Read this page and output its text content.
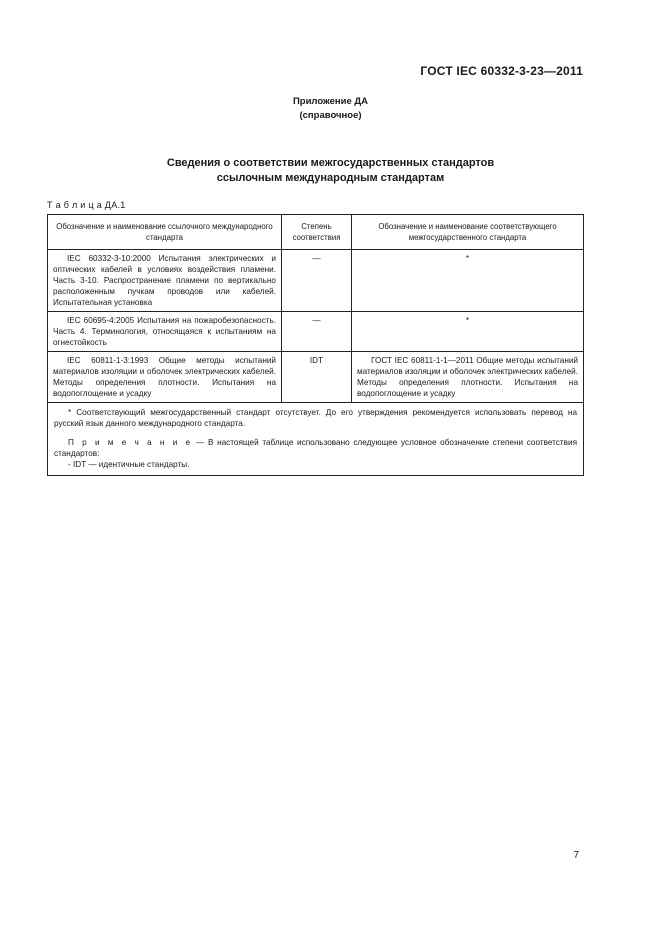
ГОСТ IEC 60332-3-23—2011
Приложение ДА
(справочное)
Сведения о соответствии межгосударственных стандартов
ссылочным международным стандартам
Т а б л и ц а ДА.1
Обозначение и наименование ссылочного международного стандарта	Степень соответствия	Обозначение и наименование соответствующего межгосударственного стандарта
IEC 60332-3-10:2000 Испытания электрических и оптических кабелей в условиях воздействия пламени. Часть 3-10. Распространение пламени по вертикально расположенным пучкам проводов или кабелей. Испытательная установка	—	*
IEC 60695-4:2005 Испытания на пожаробезопасность. Часть 4. Терминология, относящаяся к испытаниям на огнестойкость	—	*
IEC 60811-1-3:1993 Общие методы испытаний материалов изоляции и оболочек электрических кабелей. Методы определения плотности. Испытания на водопоглощение и усадку	IDT	ГОСТ IEC 60811-1-1—2011 Общие методы испытаний материалов изоляции и оболочек электрических кабелей. Методы определения плотности. Испытания на водопоглощение и усадку

* Соответствующий межгосударственный стандарт отсутствует. До его утверждения рекомендуется использовать перевод на русский язык данного международного стандарта.

П р и м е ч а н и е — В настоящей таблице использовано следующее условное обозначение степени соответствия стандартов:

- IDT — идентичные стандарты.		

7
